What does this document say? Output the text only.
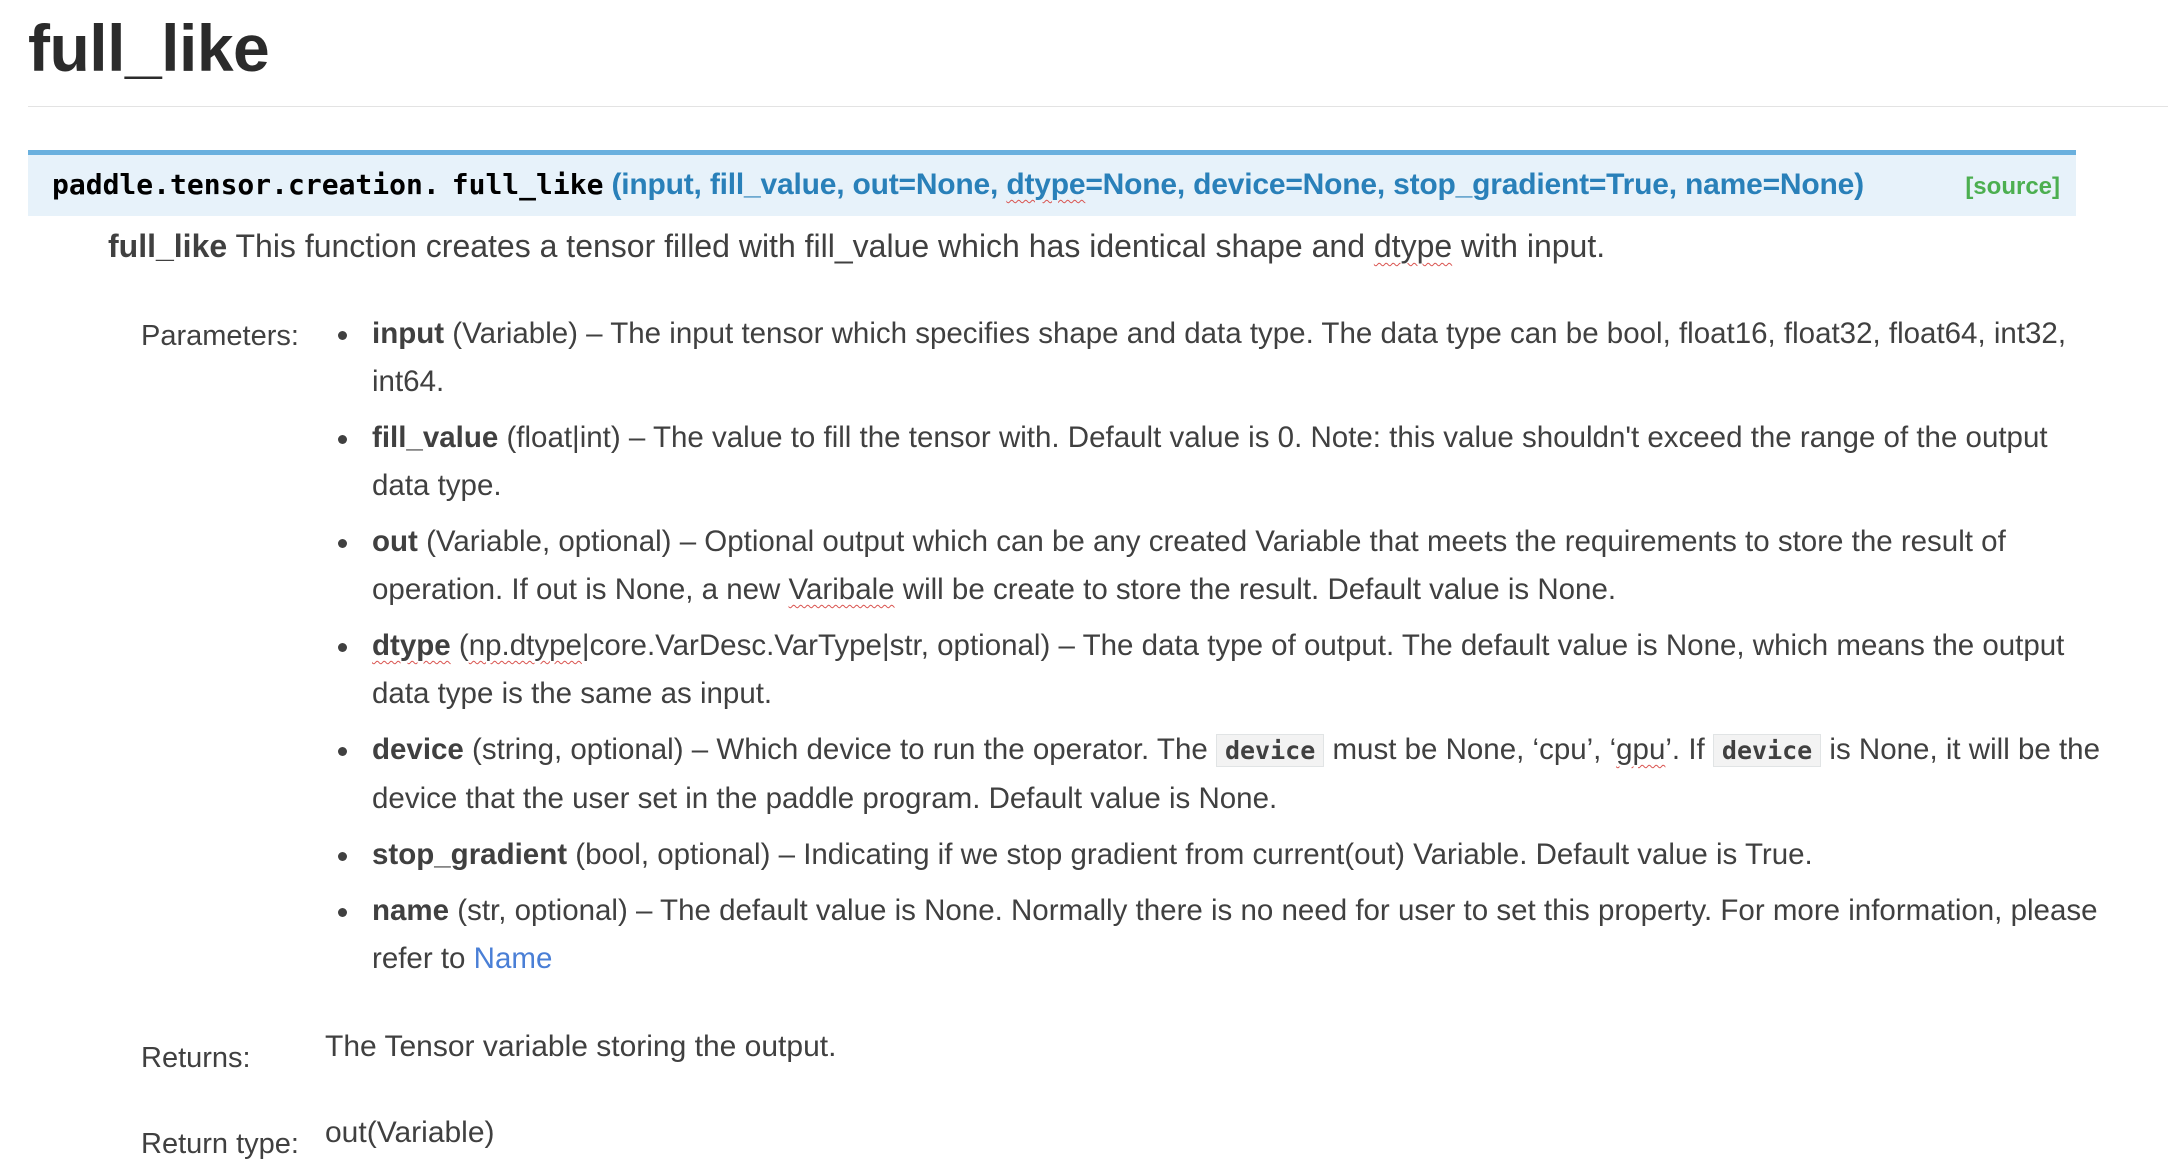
full_like
paddle.tensor.creation. full_like (input, fill_value, out=None, dtype=None, device=None, stop_gradient=True, name=None)	[source]

full_like This function creates a tensor filled with fill_value which has identical shape and dtype with input.

Parameters:	input (Variable) – The input tensor which specifies shape and data type. The data type can be bool, float16, float32, float64, int32, int64.
fill_value (float|int) – The value to fill the tensor with. Default value is 0. Note: this value shouldn't exceed the range of the output data type.
out (Variable, optional) – Optional output which can be any created Variable that meets the requirements to store the result of operation. If out is None, a new Varibale will be create to store the result. Default value is None.
dtype (np.dtype|core.VarDesc.VarType|str, optional) – The data type of output. The default value is None, which means the output data type is the same as input.
device (string, optional) – Which device to run the operator. The device must be None, ‘cpu’, ‘gpu’. If device is None, it will be the device that the user set in the paddle program. Default value is None.
stop_gradient (bool, optional) – Indicating if we stop gradient from current(out) Variable. Default value is True.
name (str, optional) – The default value is None. Normally there is no need for user to set this property. For more information, please refer to Name
Returns: The Tensor variable storing the output.
Return type: out(Variable)
